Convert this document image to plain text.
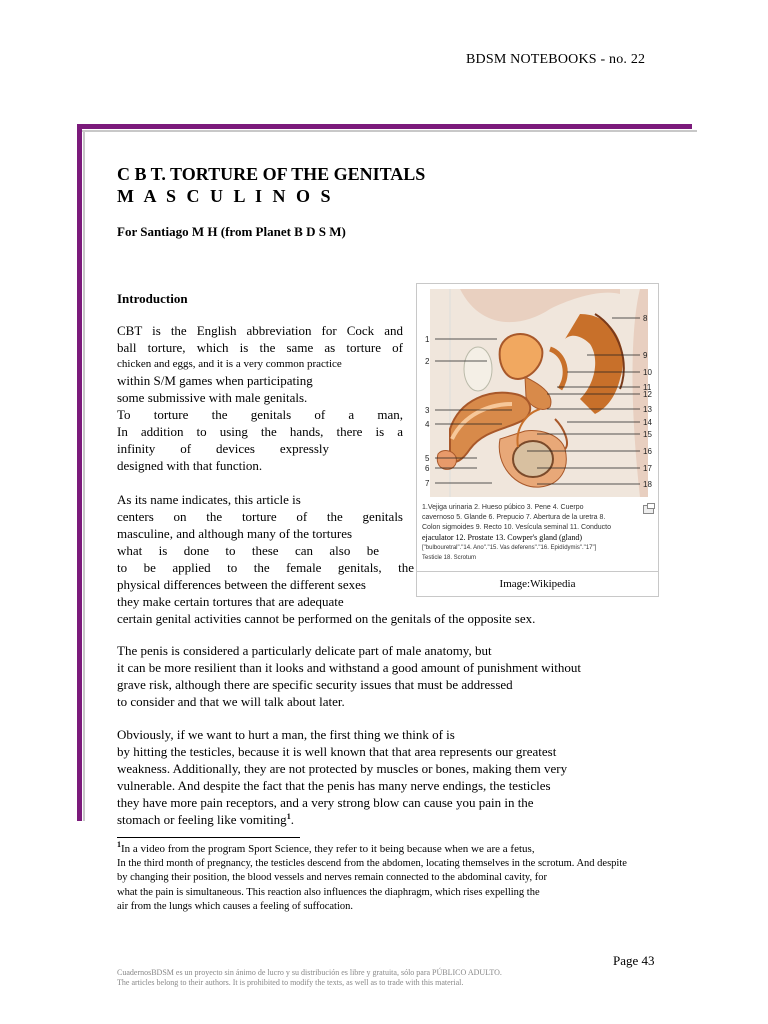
BDSM NOTEBOOKS - no. 22
C B T. TORTURE OF THE GENITALS
M A S C U L I N O S
For Santiago M H (from Planet B D S M)
Introduction
CBT is the English abbreviation for Cock and
ball torture, which is the same as torture of
chicken and eggs, and it is a very common practice
within S/M games when participating
some submissive with male genitals.
To torture the genitals of a man,
In addition to using the hands, there is a
infinity of devices expressly
designed with that function.
As its name indicates, this article is
centers on the torture of the genitals
masculine, and although many of the tortures
what is done to these can also be
to be applied to the female genitals, the
physical differences between the different sexes
they make certain tortures that are adequate
certain genital activities cannot be performed on the genitals of the opposite sex.
The penis is considered a particularly delicate part of male anatomy, but
it can be more resilient than it looks and withstand a good amount of punishment without
grave risk, although there are specific security issues that must be addressed
to consider and that we will talk about later.
Obviously, if we want to hurt a man, the first thing we think of is
by hitting the testicles, because it is well known that that area represents our greatest
weakness. Additionally, they are not protected by muscles or bones, making them very
vulnerable. And despite the fact that the penis has many nerve endings, the testicles
they have more pain receptors, and a very strong blow can cause you pain in the
stomach or feeling like vomiting$^1$.
1
2
3
4
5
6
7
8
9
10
11
12
13
14
15
16
17
18
1.Vejiga urinaria 2. Hueso púbico 3. Pene 4. Cuerpo
cavernoso 5. Glande 6. Prepucio 7. Abertura de la uretra 8.
Colon sigmoides 9. Recto 10. Vesícula seminal 11. Conducto
ejaculator 12. Prostate 13. Cowper's gland (gland)
["bulbouretral"."14. Ano"."15. Vas deferens"."16. Epidídymis"."17"]
Testicle 18. Scrotum
Image:Wikipedia
$^1$In a video from the program Sport Science, they refer to it being because when we are a fetus,
In the third month of pregnancy, the testicles descend from the abdomen, locating themselves in the scrotum. And despite
by changing their position, the blood vessels and nerves remain connected to the abdominal cavity, for
what the pain is simultaneous. This reaction also influences the diaphragm, which rises expelling the
air from the lungs which causes a feeling of suffocation.
Page 43
CuadernosBDSM es un proyecto sin ánimo de lucro y su distribución es libre y gratuita, sólo para PÚBLICO ADULTO.
The articles belong to their authors. It is prohibited to modify the texts, as well as to trade with this material.
